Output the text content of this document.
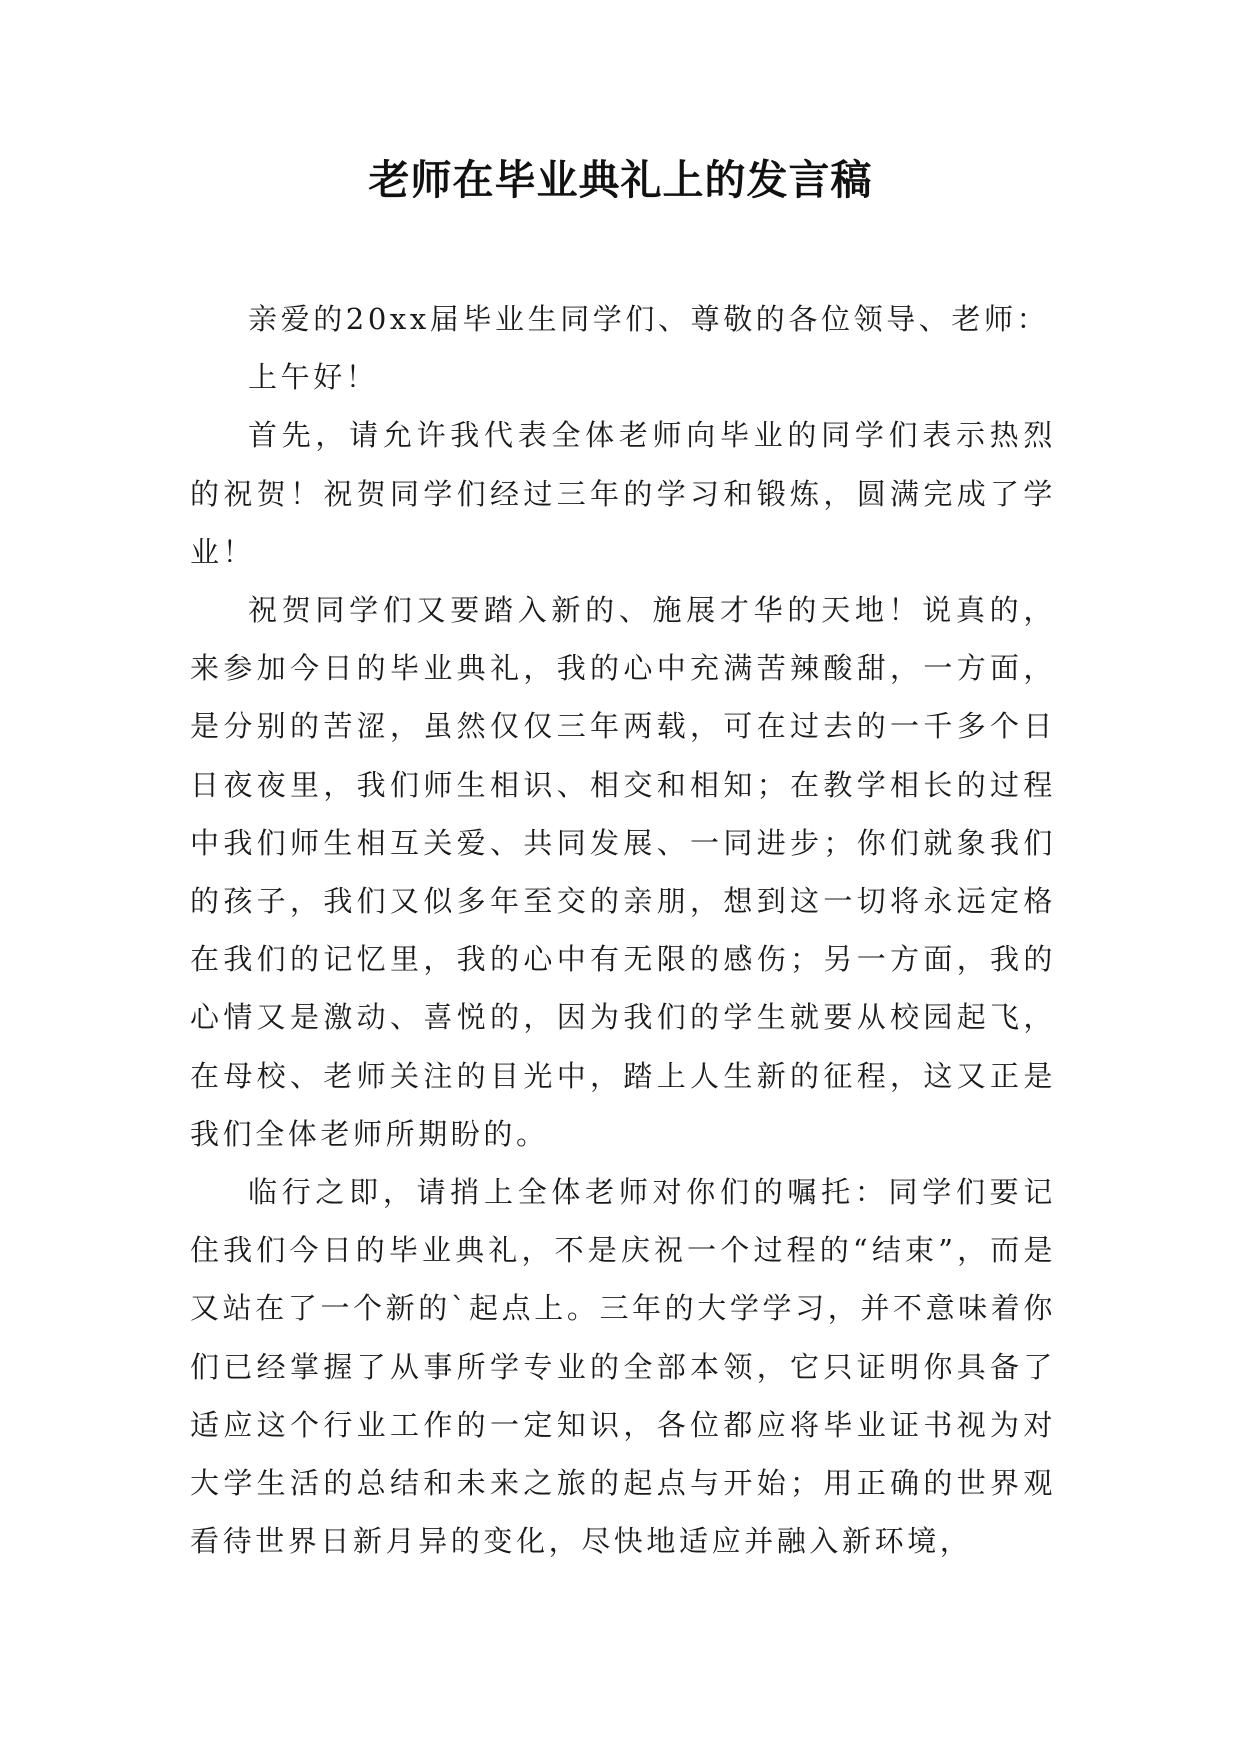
老师在毕业典礼上的发言稿

亲爱的20xx届毕业生同学们、尊敬的各位领导、老师：

上午好！

首先，请允许我代表全体老师向毕业的同学们表示热烈的祝贺！祝贺同学们经过三年的学习和锻炼，圆满完成了学业！

祝贺同学们又要踏入新的、施展才华的天地！说真的，来参加今日的毕业典礼，我的心中充满苦辣酸甜，一方面，是分别的苦涩，虽然仅仅三年两载，可在过去的一千多个日日夜夜里，我们师生相识、相交和相知；在教学相长的过程中我们师生相互关爱、共同发展、一同进步；你们就象我们的孩子，我们又似多年至交的亲朋，想到这一切将永远定格在我们的记忆里，我的心中有无限的感伤；另一方面，我的心情又是激动、喜悦的，因为我们的学生就要从校园起飞，在母校、老师关注的目光中，踏上人生新的征程，这又正是我们全体老师所期盼的。

临行之即，请捎上全体老师对你们的嘱托：同学们要记住我们今日的毕业典礼，不是庆祝一个过程的“结束”，而是又站在了一个新的`起点上。三年的大学学习，并不意味着你们已经掌握了从事所学专业的全部本领，它只证明你具备了适应这个行业工作的一定知识，各位都应将毕业证书视为对大学生活的总结和未来之旅的起点与开始；用正确的世界观看待世界日新月异的变化，尽快地适应并融入新环境，
